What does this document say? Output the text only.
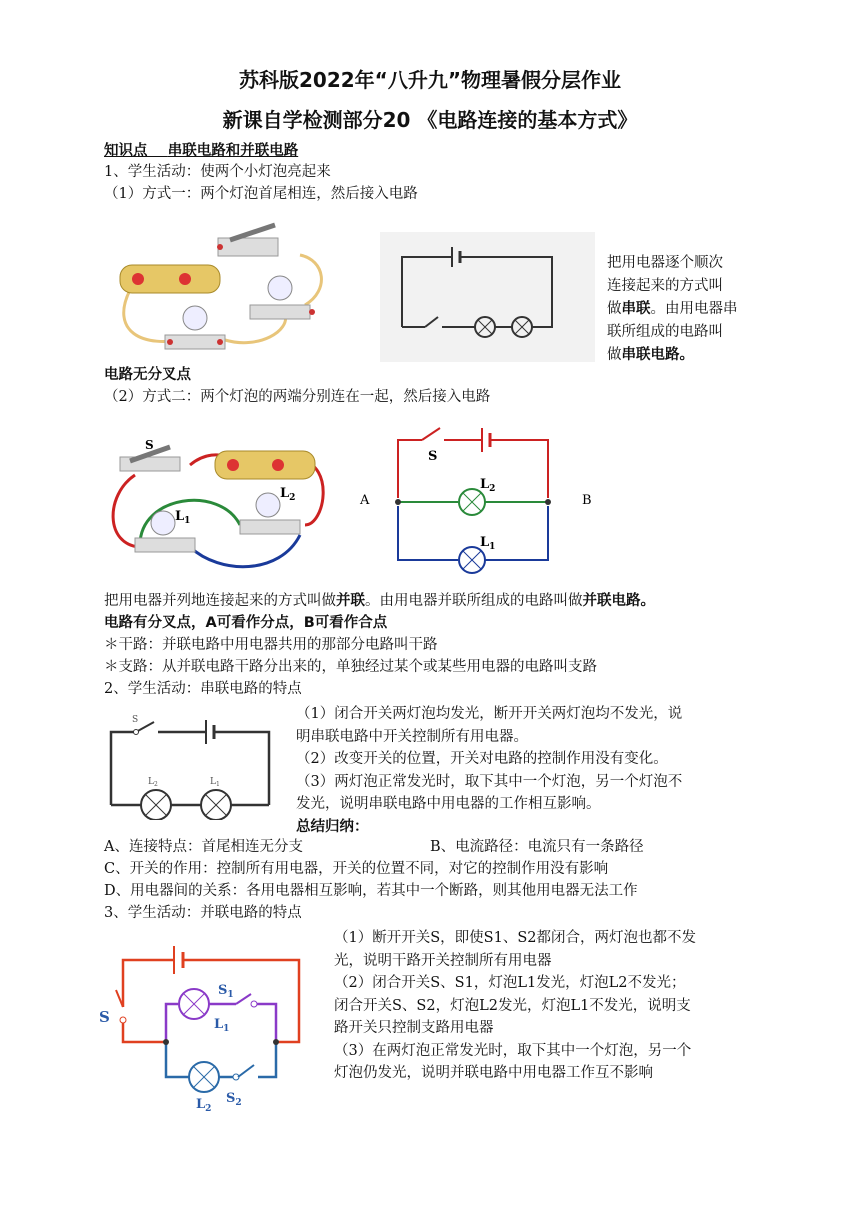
苏科版2022年“八升九”物理暑假分层作业
新课自学检测部分20 《电路连接的基本方式》
知识点 串联电路和并联电路
1、学生活动：使两个小灯泡亮起来
（1）方式一：两个灯泡首尾相连，然后接入电路
把用电器逐个顺次
连接起来的方式叫
做串联。由用电器串
联所组成的电路叫
做串联电路。
电路无分叉点
（2）方式二：两个灯泡的两端分别连在一起，然后接入电路
S
$L_2$
$L_1$
S
$L_2$
$L_1$
A	B
把用电器并列地连接起来的方式叫做并联。由用电器并联所组成的电路叫做并联电路。
电路有分叉点，A可看作分点，B可看作合点
＊干路：并联电路中用电器共用的那部分电路叫干路
＊支路：从并联电路干路分出来的，单独经过某个或某些用电器的电路叫支路
2、学生活动：串联电路的特点
S
$L_2$	$L_1$
（1）闭合开关两灯泡均发光，断开开关两灯泡均不发光，说
明串联电路中开关控制所有用电器。
（2）改变开关的位置，开关对电路的控制作用没有变化。
（3）两灯泡正常发光时，取下其中一个灯泡，另一个灯泡不
发光，说明串联电路中用电器的工作相互影响。
总结归纳：
A、连接特点：首尾相连无分支	B、电流路径：电流只有一条路径
C、开关的作用：控制所有用电器，开关的位置不同，对它的控制作用没有影响
D、用电器间的关系：各用电器相互影响，若其中一个断路，则其他用电器无法工作
3、学生活动：并联电路的特点
S
$S_1$
$L_1$
$L_2$
$S_2$
（1）断开开关S，即使S1、S2都闭合，两灯泡也都不发
光，说明干路开关控制所有用电器
（2）闭合开关S、S1，灯泡L1发光，灯泡L2不发光；
闭合开关S、S2，灯泡L2发光，灯泡L1不发光，说明支
路开关只控制支路用电器
（3）在两灯泡正常发光时，取下其中一个灯泡，另一个
灯泡仍发光，说明并联电路中用电器工作互不影响
